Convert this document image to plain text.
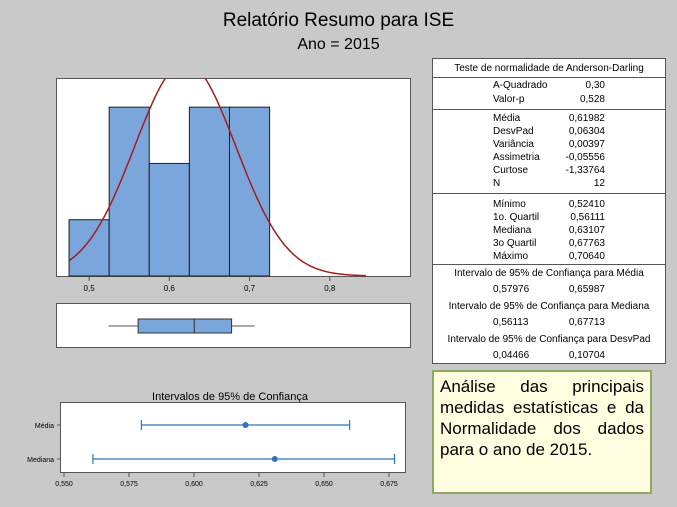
Relatório Resumo para ISE
Ano = 2015
0,5	0,6	0,7	0,8
Intervalos de 95% de Confiança
Média
Mediana
0,550	0,575	0,600	0,625	0,650	0,675
Teste de normalidade de Anderson-Darling
A-Quadrado	0,30
Valor-p	0,528
Média	0,61982
DesvPad	0,06304
Variância	0,00397
Assimetria	-0,05556
Curtose	-1,33764
N	12
Mínimo	0,52410
1o. Quartil	0,56111
Mediana	0,63107
3o Quartil	0,67763
Máximo	0,70640
Intervalo de 95% de Confiança para Média
0,57976	0,65987
Intervalo de 95% de Confiança para Mediana
0,56113	0,67713
Intervalo de 95% de Confiança para DesvPad
0,04466	0,10704
Análise das principais medidas estatísticas e da Normalidade dos dados para o ano de 2015.
